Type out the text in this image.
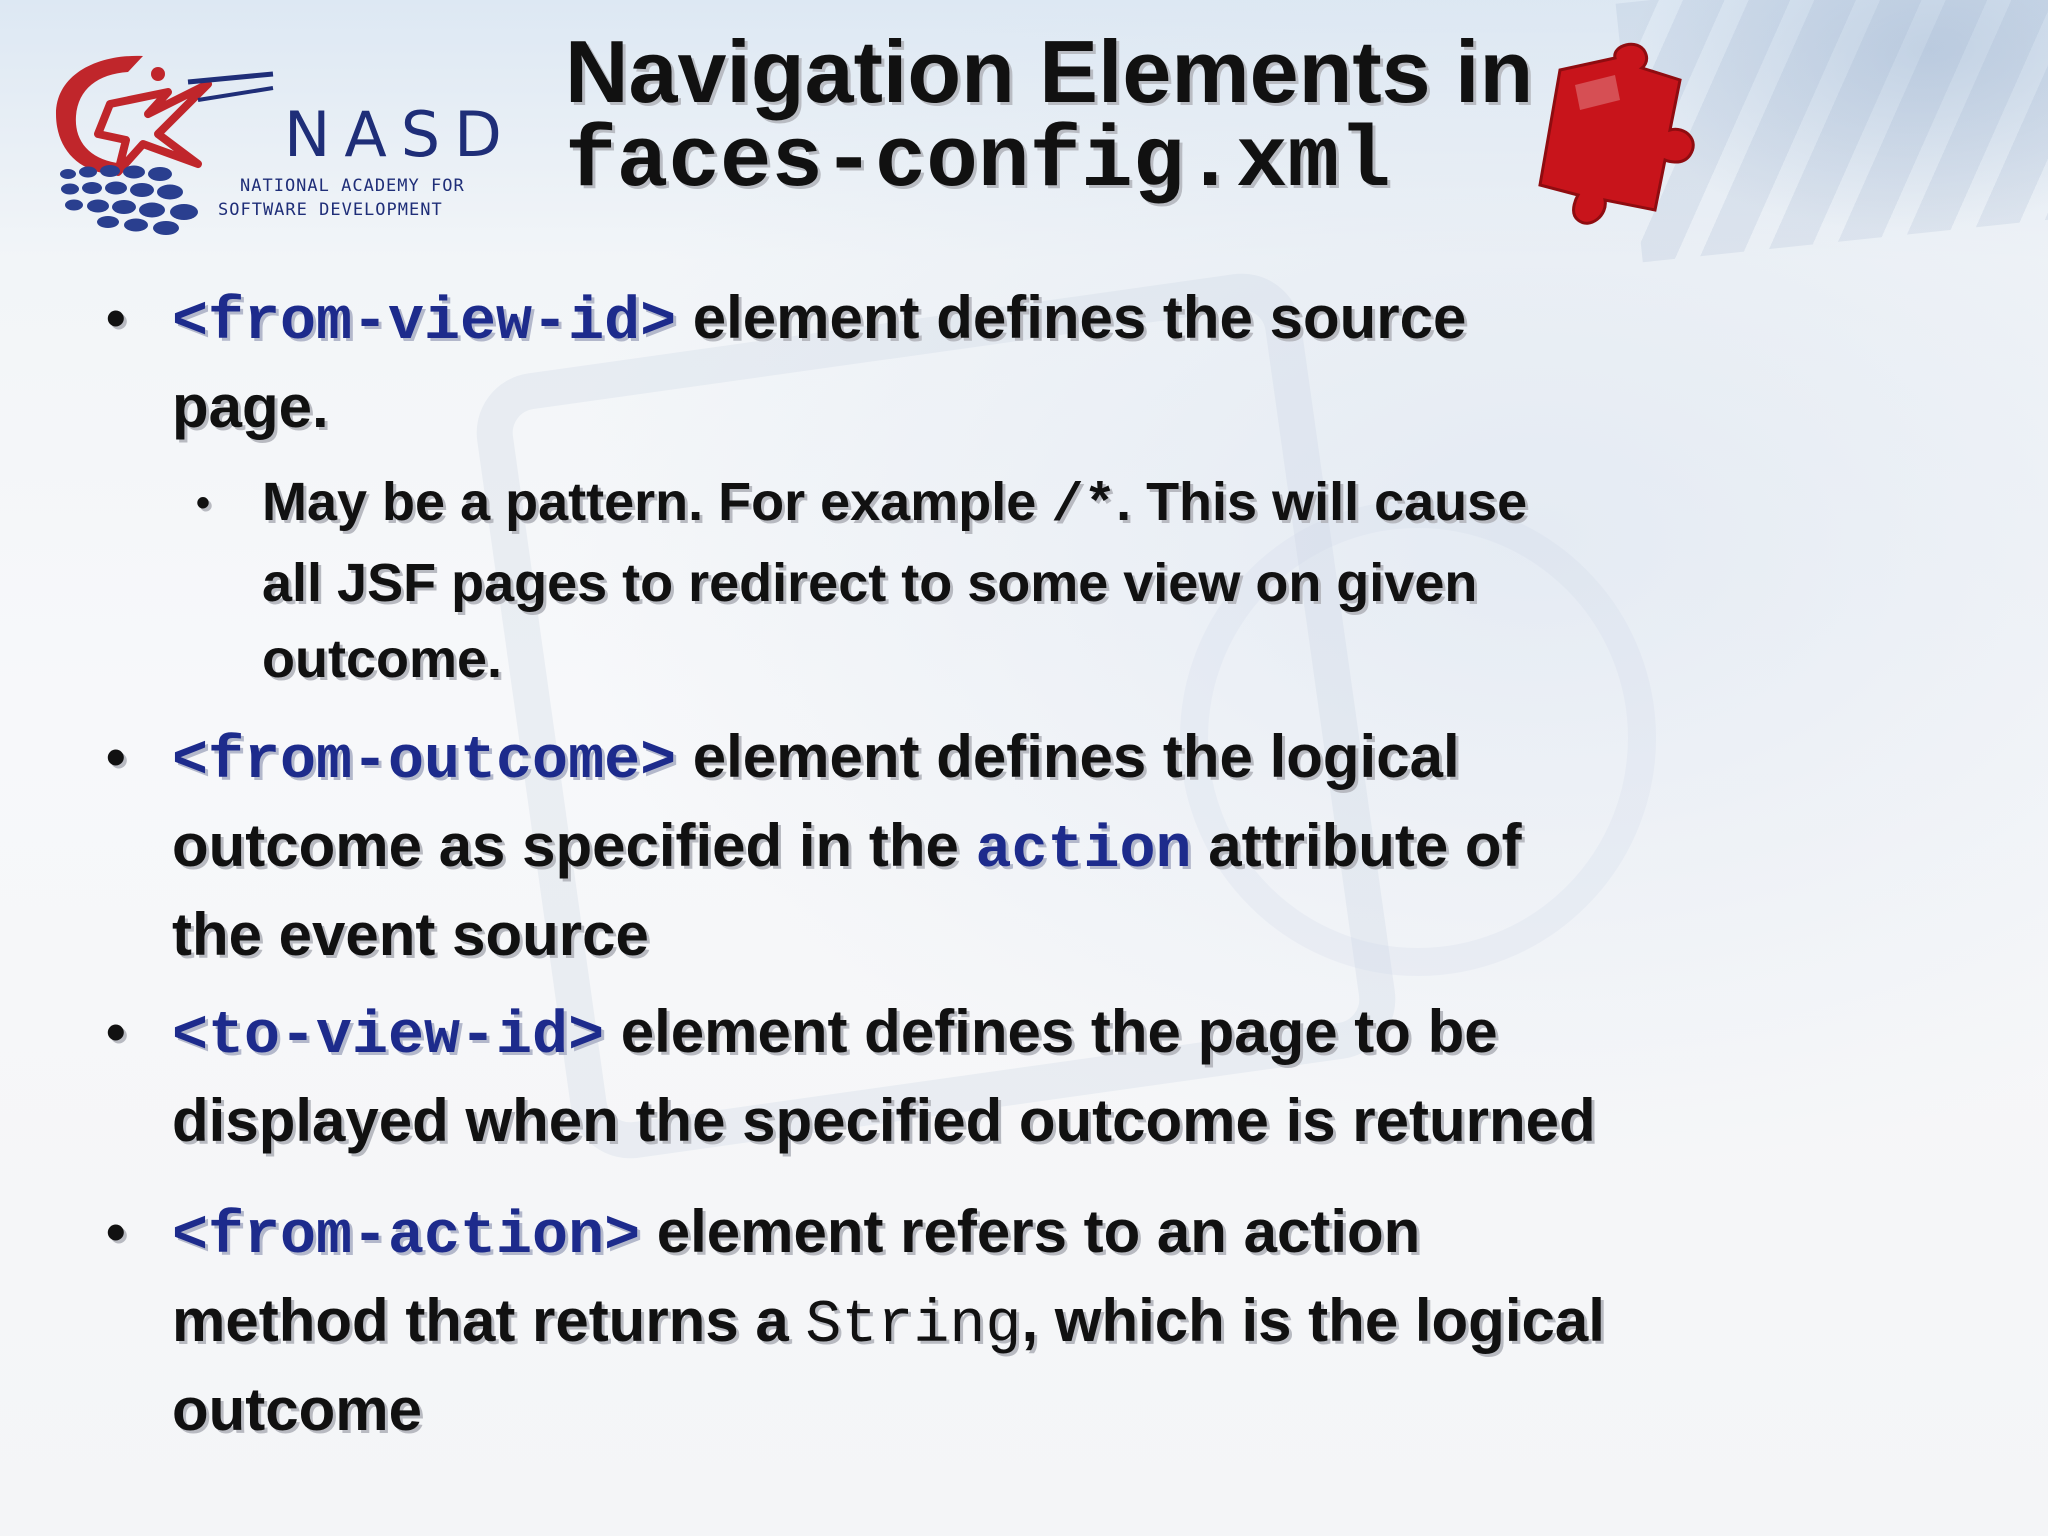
NASD
NATIONAL ACADEMY FOR
SOFTWARE DEVELOPMENT
Navigation Elements in
faces-config.xml
• <from-view-id> element defines the source
page.
• May be a pattern. For example /*. This will cause
all JSF pages to redirect to some view on given
outcome.
• <from-outcome> element defines the logical
outcome as specified in the action attribute of
the event source
• <to-view-id> element defines the page to be
displayed when the specified outcome is returned
• <from-action> element refers to an action
method that returns a String, which is the logical
outcome
